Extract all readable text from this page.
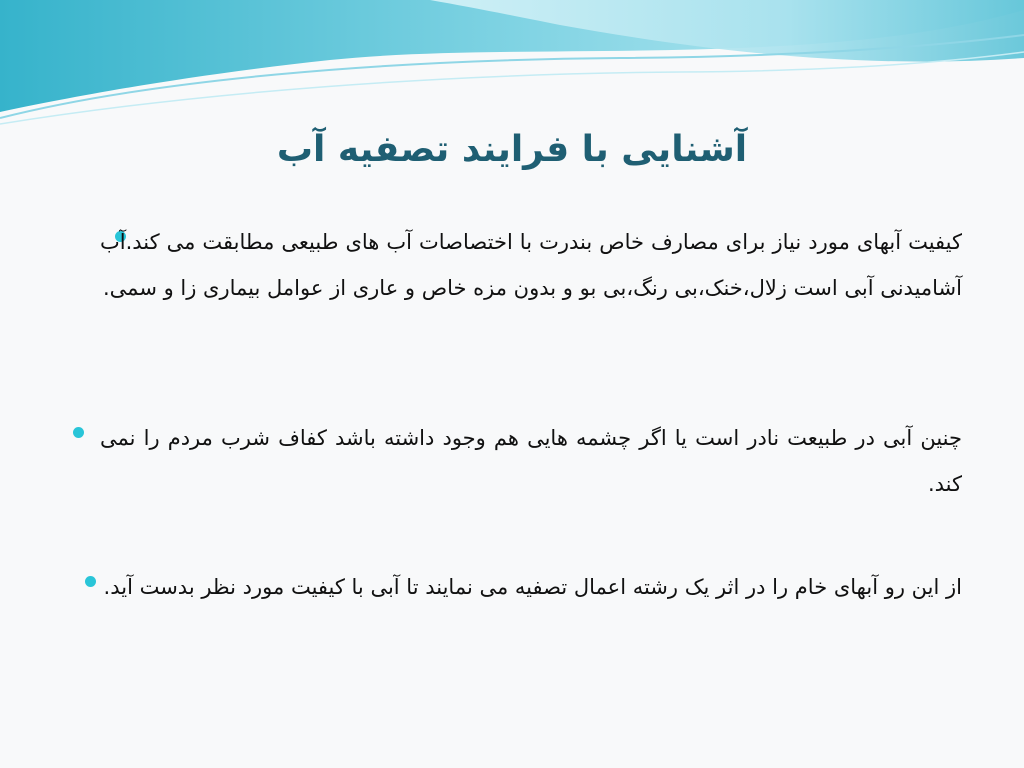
آشنایی با فرایند تصفیه آب
کیفیت آبهای مورد نیاز برای مصارف خاص بندرت با اختصاصات آب های طبیعی مطابقت می کند.آب آشامیدنی آبی است زلال،خنک،بی رنگ،بی بو و بدون مزه خاص و عاری از عوامل بیماری زا و سمی.
چنین آبی در طبیعت نادر است یا اگر چشمه هایی هم وجود داشته باشد کفاف شرب مردم را نمی کند.
از این رو آبهای خام را در اثر یک رشته اعمال تصفیه می نمایند تا آبی با کیفیت مورد نظر بدست آید.
